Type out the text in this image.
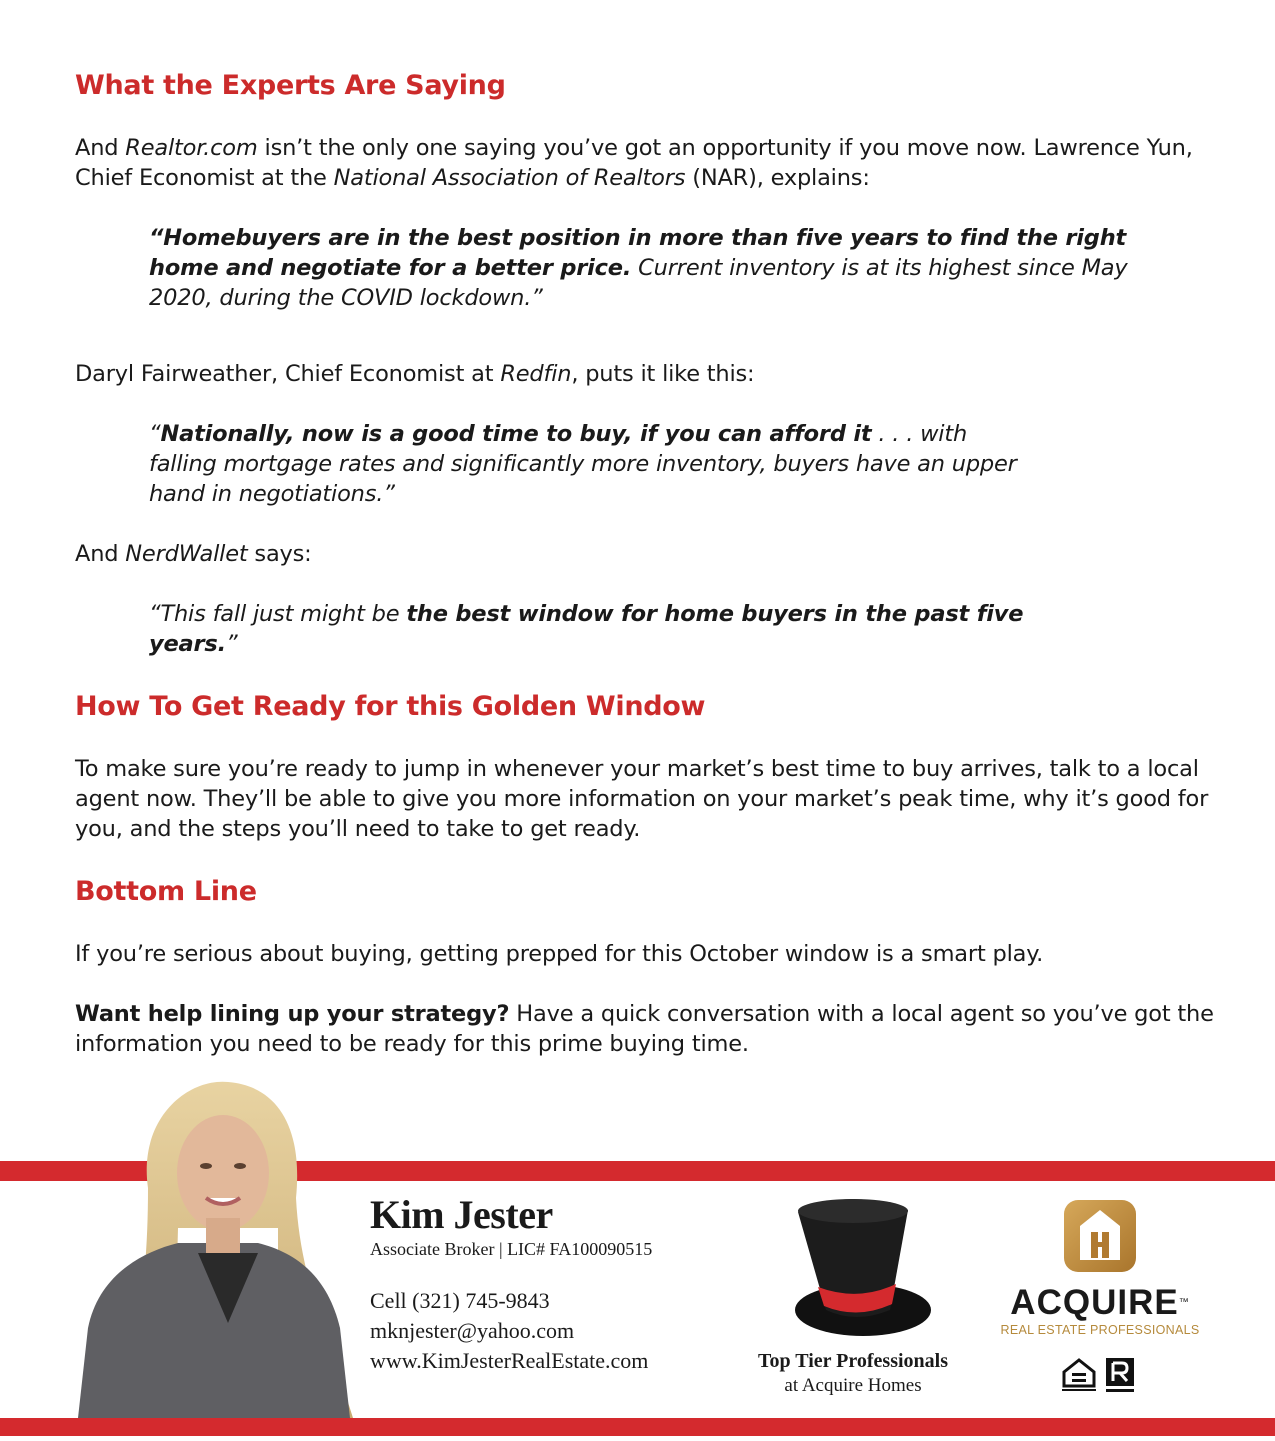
What the Experts Are Saying

And Realtor.com isn’t the only one saying you’ve got an opportunity if you move now. Lawrence Yun, Chief Economist at the National Association of Realtors (NAR), explains:

“Homebuyers are in the best position in more than five years to find the right home and negotiate for a better price. Current inventory is at its highest since May 2020, during the COVID lockdown.”

Daryl Fairweather, Chief Economist at Redfin, puts it like this:

“Nationally, now is a good time to buy, if you can afford it . . . with falling mortgage rates and significantly more inventory, buyers have an upper hand in negotiations.”

And NerdWallet says:

“This fall just might be the best window for home buyers in the past five years.”

How To Get Ready for this Golden Window

To make sure you’re ready to jump in whenever your market’s best time to buy arrives, talk to a local agent now. They’ll be able to give you more information on your market’s peak time, why it’s good for you, and the steps you’ll need to take to get ready.

Bottom Line

If you’re serious about buying, getting prepped for this October window is a smart play.

Want help lining up your strategy? Have a quick conversation with a local agent so you’ve got the information you need to be ready for this prime buying time.

Kim Jester
Associate Broker | LIC# FA100090515
Cell (321) 745-9843
mknjester@yahoo.com
www.KimJesterRealEstate.com	Top Tier Professionals
at Acquire Homes
ACQUIRE™
REAL ESTATE PROFESSIONALS
